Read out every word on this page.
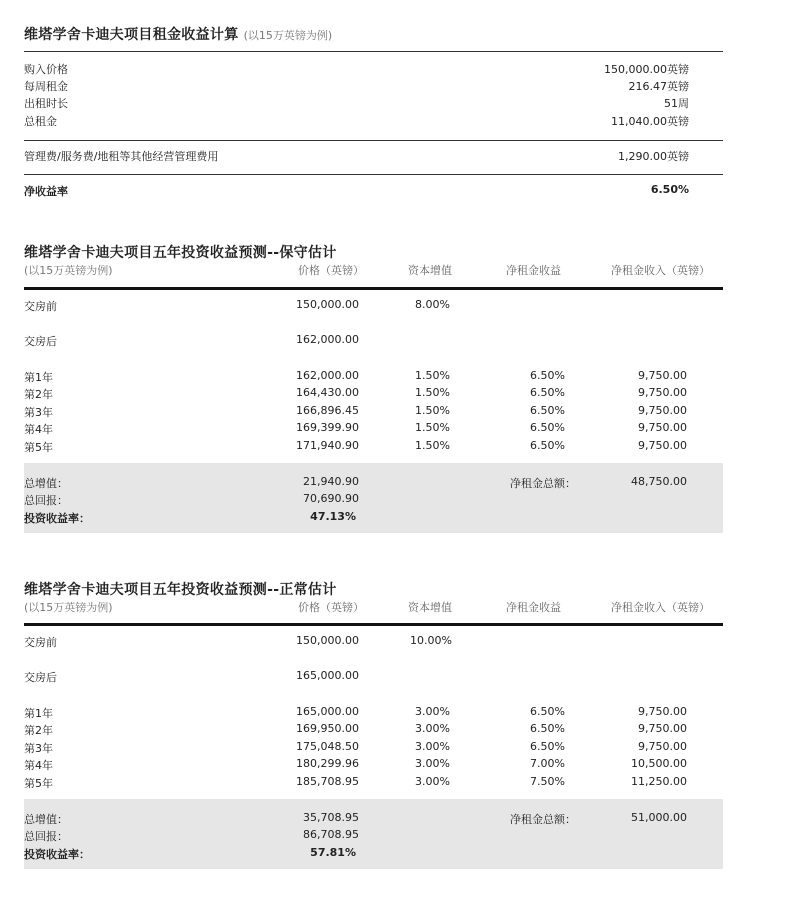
维塔学舍卡迪夫项目租金收益计算 (以15万英镑为例)
购入价格	150,000.00英镑
每周租金	216.47英镑
出租时长	51周
总租金	11,040.00英镑
管理费/服务费/地租等其他经营管理费用	1,290.00英镑
净收益率	6.50%
维塔学舍卡迪夫项目五年投资收益预测--保守估计
(以15万英镑为例)	价格（英镑）	资本增值	净租金收益	净租金收入（英镑）
交房前	150,000.00	8.00%
交房后	162,000.00
第1年	162,000.00	1.50%	6.50%	9,750.00
第2年	164,430.00	1.50%	6.50%	9,750.00
第3年	166,896.45	1.50%	6.50%	9,750.00
第4年	169,399.90	1.50%	6.50%	9,750.00
第5年	171,940.90	1.50%	6.50%	9,750.00
总增值：	21,940.90	净租金总额：	48,750.00
总回报：	70,690.90
投资收益率：	47.13%
维塔学舍卡迪夫项目五年投资收益预测--正常估计
(以15万英镑为例)	价格（英镑）	资本增值	净租金收益	净租金收入（英镑）
交房前	150,000.00	10.00%
交房后	165,000.00
第1年	165,000.00	3.00%	6.50%	9,750.00
第2年	169,950.00	3.00%	6.50%	9,750.00
第3年	175,048.50	3.00%	6.50%	9,750.00
第4年	180,299.96	3.00%	7.00%	10,500.00
第5年	185,708.95	3.00%	7.50%	11,250.00
总增值：	35,708.95	净租金总额：	51,000.00
总回报：	86,708.95
投资收益率：	57.81%
